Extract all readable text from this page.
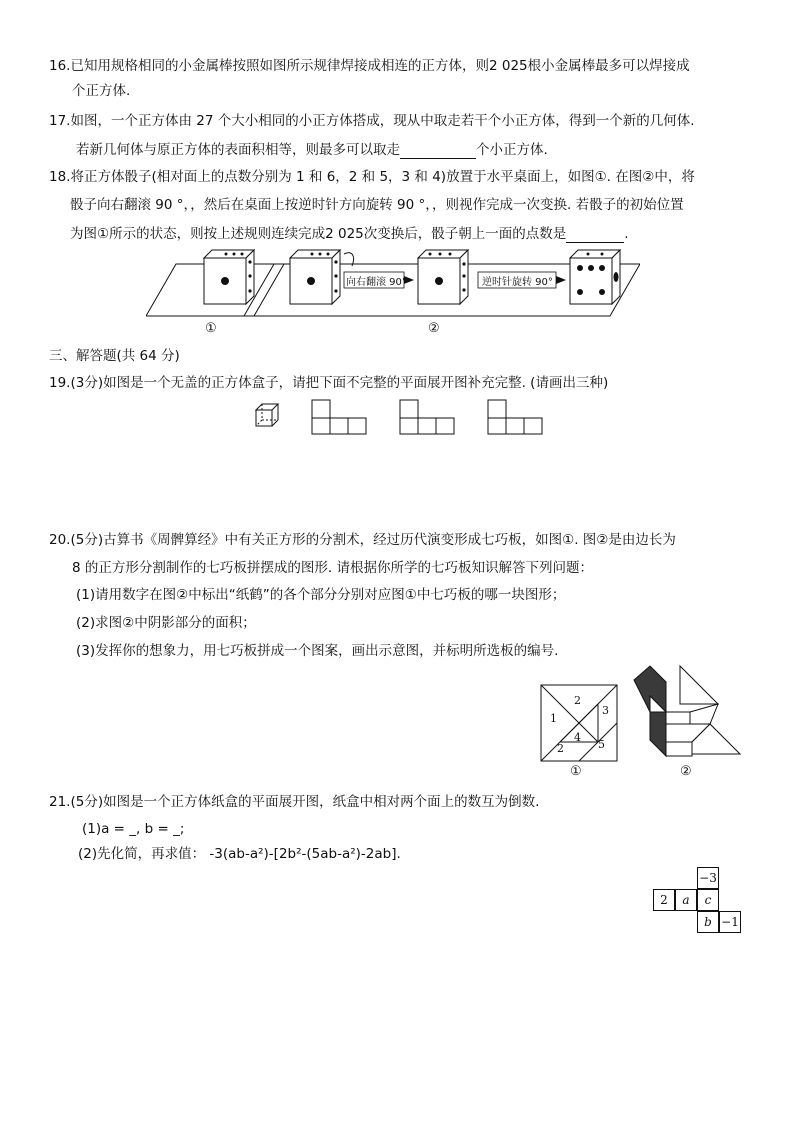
16.已知用规格相同的小金属棒按照如图所示规律焊接成相连的正方体，则2 025根小金属棒最多可以焊接成
个正方体.
17.如图，一个正方体由 27 个大小相同的小正方体搭成，现从中取走若干个小正方体，得到一个新的几何体.
若新几何体与原正方体的表面积相等，则最多可以取走	个小正方体.
18.将正方体骰子(相对面上的点数分别为 1 和 6，2 和 5，3 和 4)放置于水平桌面上，如图①. 在图②中，将
骰子向右翻滚 90 °，，然后在桌面上按逆时针方向旋转 90 °，，则视作完成一次变换. 若骰子的初始位置
为图①所示的状态，则按上述规则连续完成2 025次变换后，骰子朝上一面的点数是	.
向右翻滚 90°	逆时针旋转 90°
①	②
三、解答题(共 64 分)
19.(3分)如图是一个无盖的正方体盒子，请把下面不完整的平面展开图补充完整. (请画出三种)
20.(5分)古算书《周髀算经》中有关正方形的分割术，经过历代演变形成七巧板，如图①. 图②是由边长为
8 的正方形分割制作的七巧板拼摆成的图形. 请根据你所学的七巧板知识解答下列问题：
(1)请用数字在图②中标出“纸鹤”的各个部分分别对应图①中七巧板的哪一块图形；
(2)求图②中阴影部分的面积；
(3)发挥你的想象力，用七巧板拼成一个图案，画出示意图，并标明所选板的编号.
1
2
3
4
5
2
①	②
21.(5分)如图是一个正方体纸盒的平面展开图，纸盒中相对两个面上的数互为倒数.
(1)a = _, b = _;
(2)先化简，再求值： -3(ab-a²)-[2b²-(5ab-a²)-2ab].
−3
2	a	c
b −1
